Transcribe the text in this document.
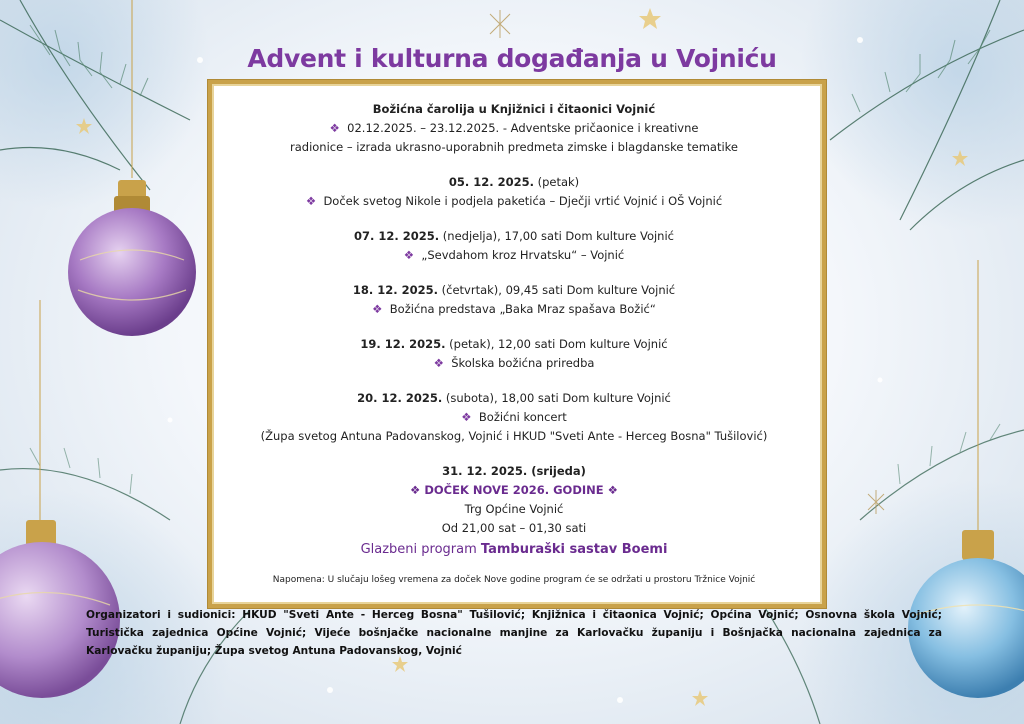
Advent i kulturna događanja u Vojniću
Božićna čarolija u Knjižnici i čitaonici Vojnić
❖ 02.12.2025. – 23.12.2025. - Adventske pričaonice i kreativne
radionice – izrada ukrasno-uporabnih predmeta zimske i blagdanske tematike
05. 12. 2025. (petak)
❖ Doček svetog Nikole i podjela paketića – Dječji vrtić Vojnić i OŠ Vojnić
07. 12. 2025. (nedjelja), 17,00 sati Dom kulture Vojnić
❖ „Sevdahom kroz Hrvatsku“ – Vojnić
18. 12. 2025. (četvrtak), 09,45 sati Dom kulture Vojnić
❖ Božićna predstava „Baka Mraz spašava Božić“
19. 12. 2025. (petak), 12,00 sati Dom kulture Vojnić
❖ Školska božićna priredba
20. 12. 2025. (subota), 18,00 sati Dom kulture Vojnić
❖ Božićni koncert
(Župa svetog Antuna Padovanskog, Vojnić i HKUD "Sveti Ante - Herceg Bosna" Tušilović)
31. 12. 2025. (srijeda)
❖ DOČEK NOVE 2026. GODINE ❖
Trg Općine Vojnić
Od 21,00 sat – 01,30 sati
Glazbeni program Tamburaški sastav Boemi
Napomena: U slučaju lošeg vremena za doček Nove godine program će se održati u prostoru Tržnice Vojnić
Organizatori i sudionici: HKUD "Sveti Ante - Herceg Bosna" Tušilović; Knjižnica i čitaonica Vojnić; Općina Vojnić; Osnovna škola Vojnić; Turistička zajednica Općine Vojnić; Vijeće bošnjačke nacionalne manjine za Karlovačku županiju i Bošnjačka nacionalna zajednica za Karlovačku županiju; Župa svetog Antuna Padovanskog, Vojnić
